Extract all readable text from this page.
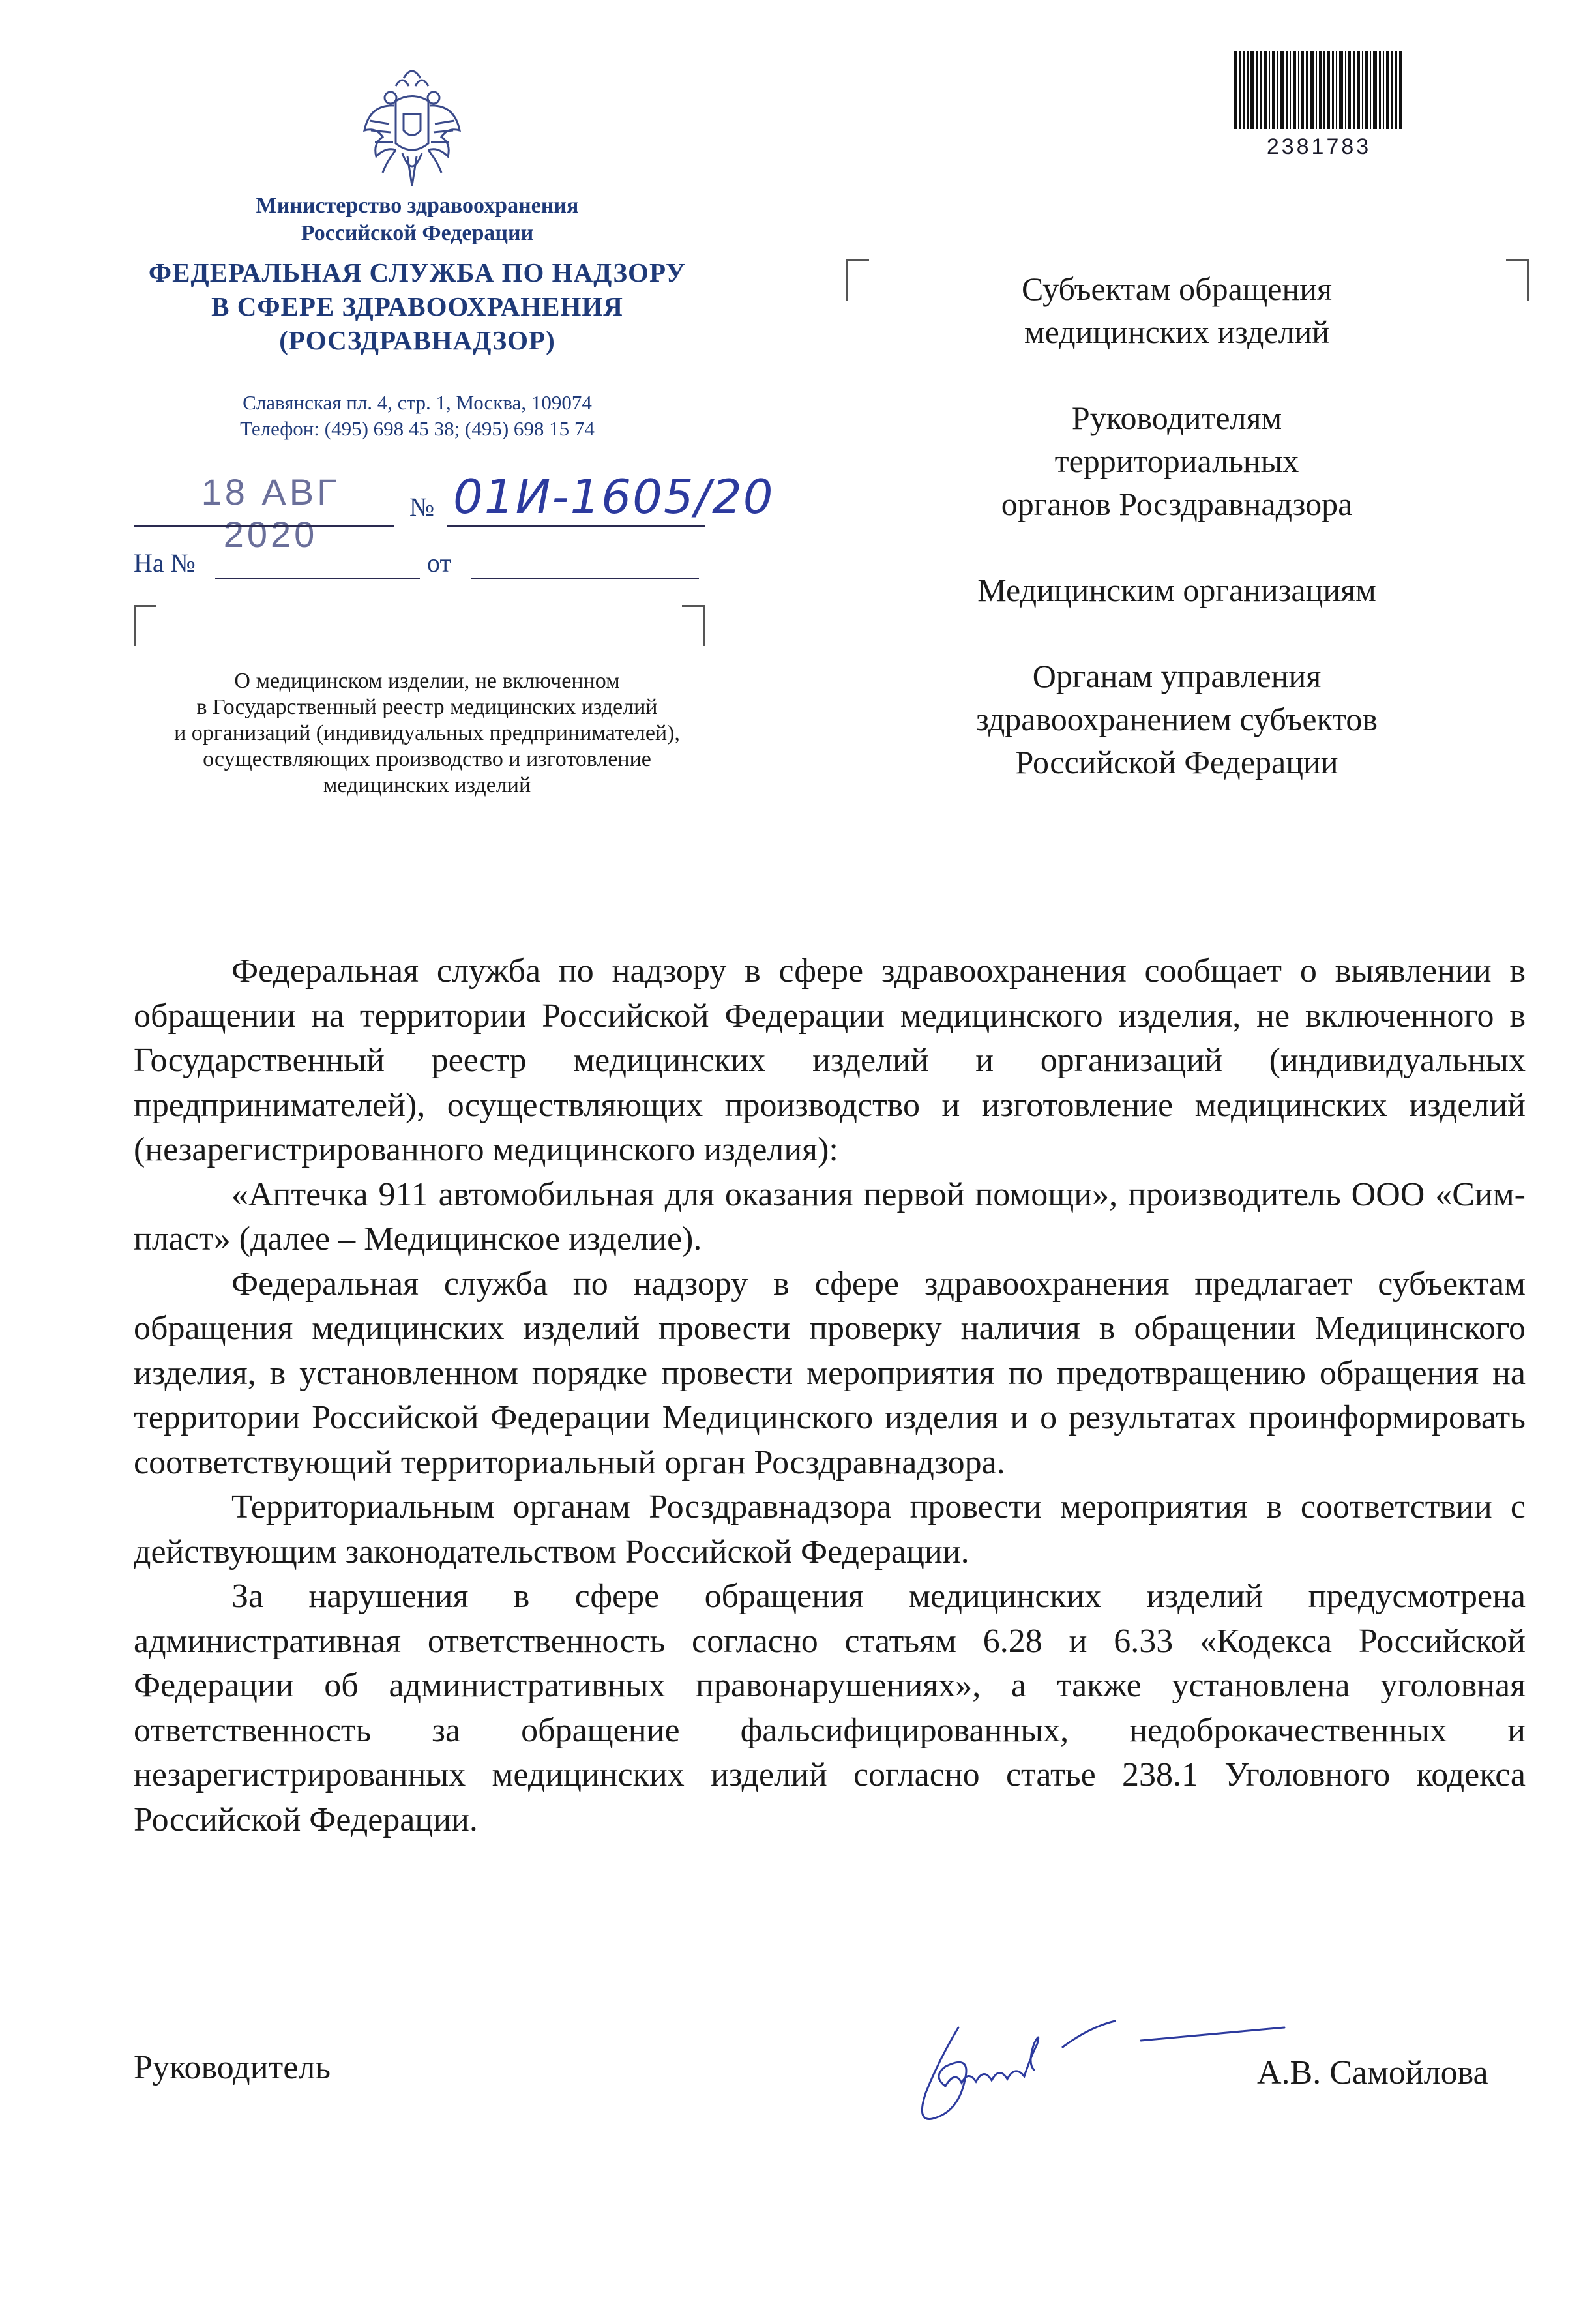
2381783
Министерство здравоохранения
Российской Федерации
ФЕДЕРАЛЬНАЯ СЛУЖБА ПО НАДЗОРУ
В СФЕРЕ ЗДРАВООХРАНЕНИЯ
(РОСЗДРАВНАДЗОР)
Славянская пл. 4, стр. 1, Москва, 109074
Телефон: (495) 698 45 38; (495) 698 15 74
18 АВГ 2020
№ 01И-1605/20
На №	от
О медицинском изделии, не включенном
в Государственный реестр медицинских изделий
и организаций (индивидуальных предпринимателей),
осуществляющих производство и изготовление
медицинских изделий
Субъектам обращения
медицинских изделий
Руководителям
территориальных
органов Росздравнадзора
Медицинским организациям
Органам управления
здравоохранением субъектов
Российской Федерации

Федеральная служба по надзору в сфере здравоохранения сообщает о выявлении в обращении на территории Российской Федерации медицинского изделия, не включенного в Государственный реестр медицинских изделий и организаций (индивидуальных предпринимателей), осуществляющих производство и изготовление медицинских изделий (незарегистрированного медицинского изделия):

«Аптечка 911 автомобильная для оказания первой помощи», производитель ООО «Сим-пласт» (далее – Медицинское изделие).

Федеральная служба по надзору в сфере здравоохранения предлагает субъектам обращения медицинских изделий провести проверку наличия в обращении Медицинского изделия, в установленном порядке провести мероприятия по предотвращению обращения на территории Российской Федерации Медицинского изделия и о результатах проинформировать соответствующий территориальный орган Росздравнадзора.

Территориальным органам Росздравнадзора провести мероприятия в соответствии с действующим законодательством Российской Федерации.

За нарушения в сфере обращения медицинских изделий предусмотрена административная ответственность согласно статьям 6.28 и 6.33 «Кодекса Российской Федерации об административных правонарушениях», а также установлена уголовная ответственность за обращение фальсифицированных, недоброкачественных и незарегистрированных медицинских изделий согласно статье 238.1 Уголовного кодекса Российской Федерации.

Руководитель	А.В. Самойлова
